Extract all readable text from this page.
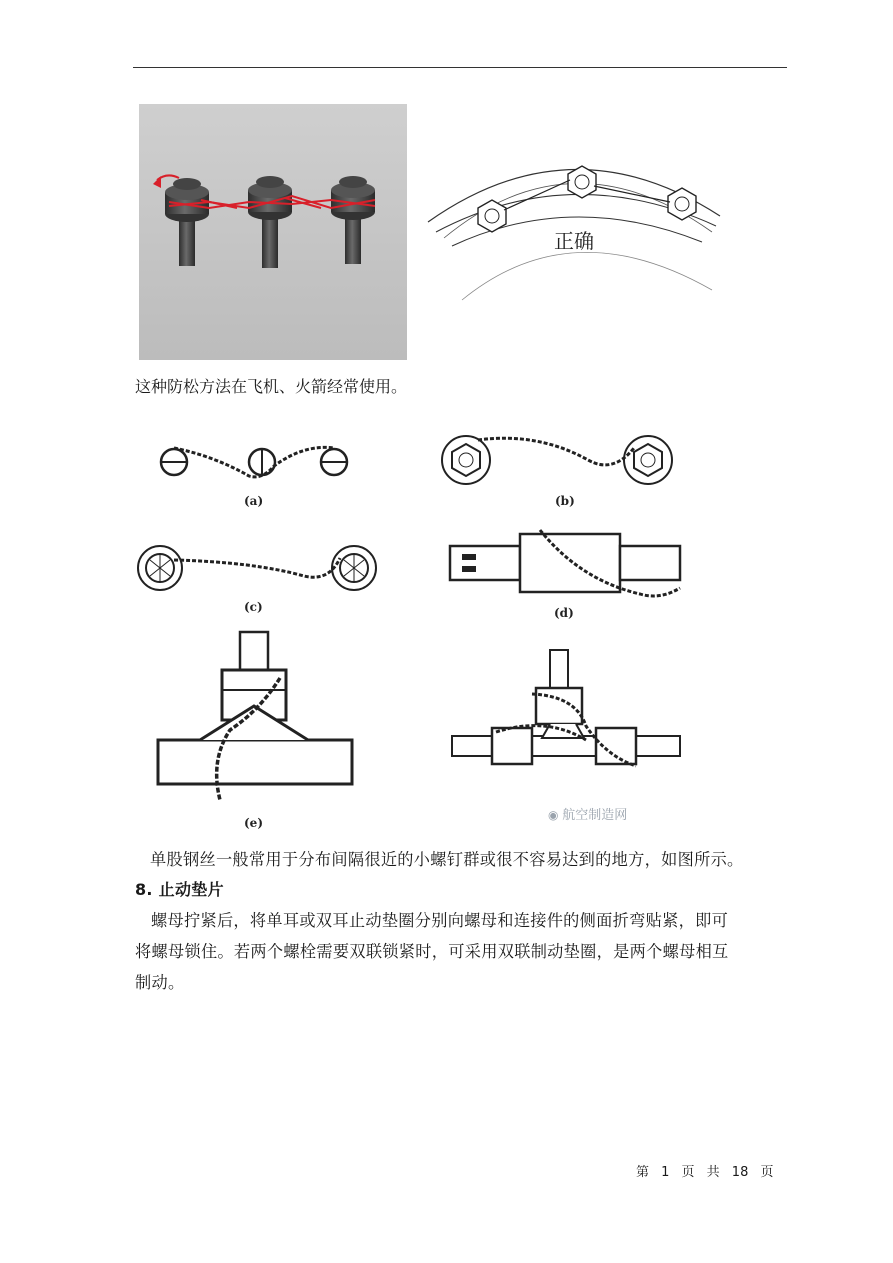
正确
这种防松方法在飞机、火箭经常使用。
(a)	(b)
(c)	(d)
(e)
◉ 航空制造网
单股钢丝一般常用于分布间隔很近的小螺钉群或很不容易达到的地方，如图所示。
8. 止动垫片
螺母拧紧后，将单耳或双耳止动垫圈分别向螺母和连接件的侧面折弯贴紧，即可
将螺母锁住。若两个螺栓需要双联锁紧时，可采用双联制动垫圈，是两个螺母相互
制动。
第 1 页 共 18 页
